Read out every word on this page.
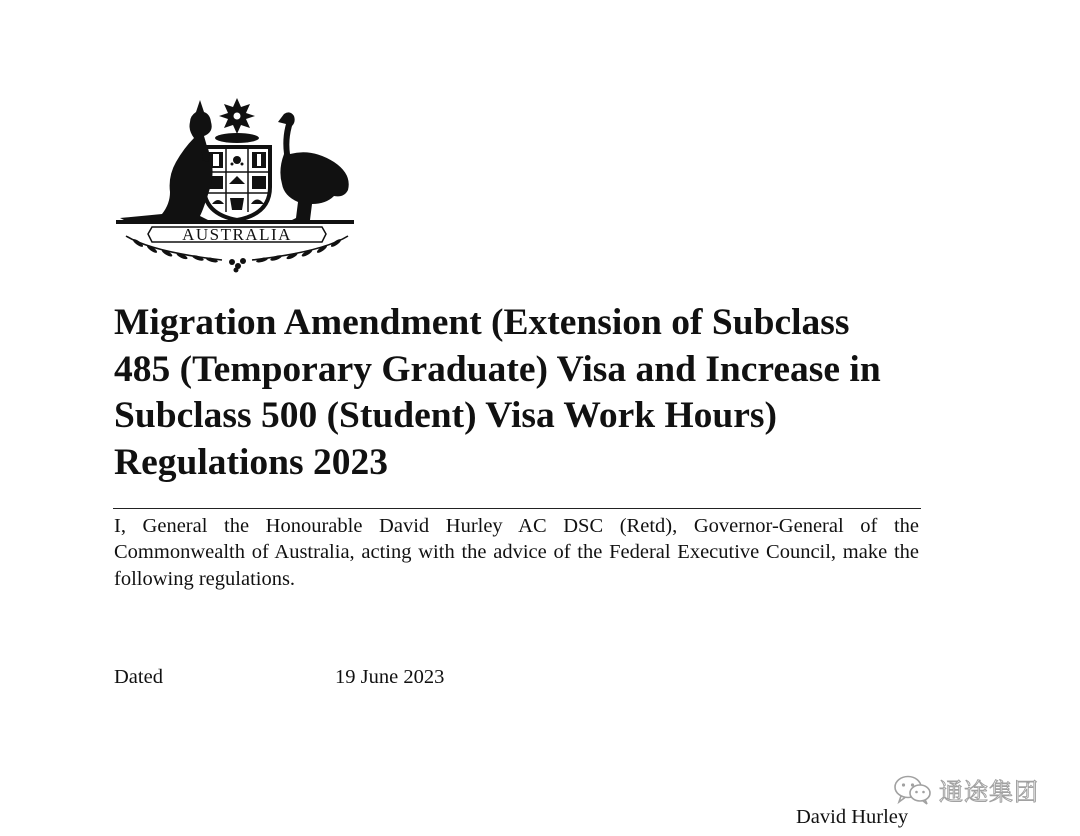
AUSTRALIA
Migration Amendment (Extension of Subclass
485 (Temporary Graduate) Visa and Increase in
Subclass 500 (Student) Visa Work Hours)
Regulations 2023

I, General the Honourable David Hurley AC DSC (Retd), Governor-General of the Commonwealth of Australia, acting with the advice of the Federal Executive Council, make the following regulations.

Dated	19 June 2023
通途集团
David Hurley
